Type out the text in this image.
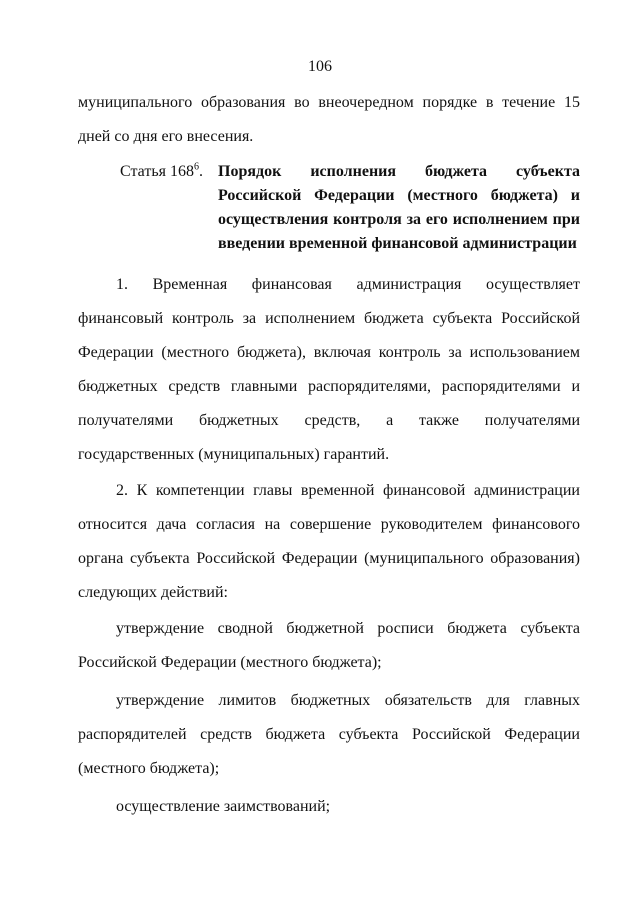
106
муниципального образования во внеочередном порядке в течение 15 дней со дня его внесения.
Статья $168^6$. Порядок исполнения бюджета субъекта Российской Федерации (местного бюджета) и осуществления контроля за его исполнением при введении временной финансовой администрации
1. Временная финансовая администрация осуществляет финансовый контроль за исполнением бюджета субъекта Российской Федерации (местного бюджета), включая контроль за использованием бюджетных средств главными распорядителями, распорядителями и получателями бюджетных средств, а также получателями государственных (муниципальных) гарантий.
2. К компетенции главы временной финансовой администрации относится дача согласия на совершение руководителем финансового органа субъекта Российской Федерации (муниципального образования) следующих действий:
утверждение сводной бюджетной росписи бюджета субъекта Российской Федерации (местного бюджета);
утверждение лимитов бюджетных обязательств для главных распорядителей средств бюджета субъекта Российской Федерации (местного бюджета);
осуществление заимствований;
